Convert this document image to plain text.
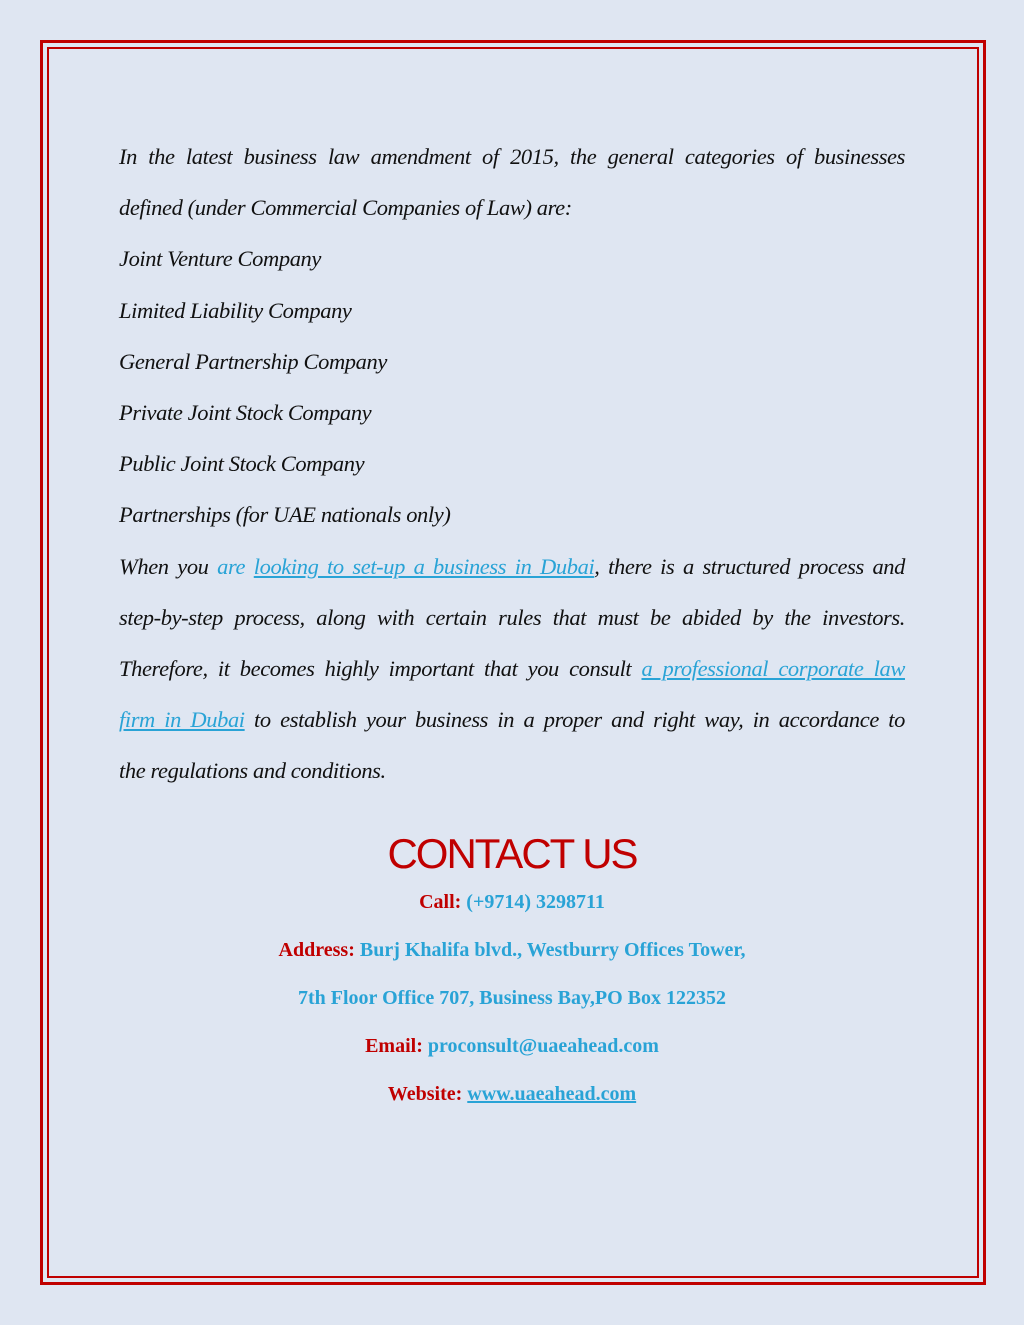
In the latest business law amendment of 2015, the general categories of businesses
defined (under Commercial Companies of Law) are:
Joint Venture Company
Limited Liability Company
General Partnership Company
Private Joint Stock Company
Public Joint Stock Company
Partnerships (for UAE nationals only)
When you are looking to set-up a business in Dubai, there is a structured process and
step-by-step process, along with certain rules that must be abided by the investors.
Therefore, it becomes highly important that you consult a professional corporate law
firm in Dubai to establish your business in a proper and right way, in accordance to
the regulations and conditions.
CONTACT US
Call: (+9714) 3298711
Address: Burj Khalifa blvd., Westburry Offices Tower,
7th Floor Office 707, Business Bay,PO Box 122352
Email: proconsult@uaeahead.com
Website: www.uaeahead.com
